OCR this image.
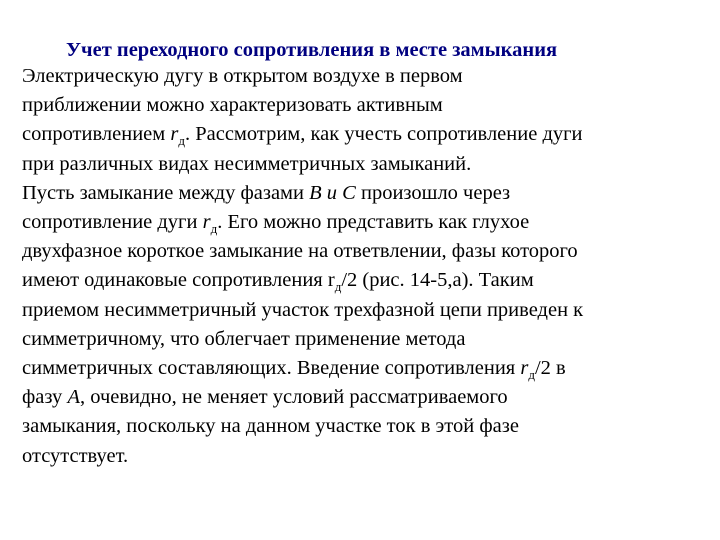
Учет переходного сопротивления в месте замыкания
Электрическую дугу в открытом воздухе в первом
приближении можно характеризовать активным
сопротивлением $r_д$. Рассмотрим, как учесть сопротивление дуги
при различных видах несимметричных замыканий.
Пусть замыкание между фазами В и С произошло через
сопротивление дуги $r_д$. Его можно представить как глухое
двухфазное короткое замыкание на ответвлении, фазы которого
имеют одинаковые сопротивления $r_д/2$ (рис. 14-5,а). Таким
приемом несимметричный участок трехфазной цепи приведен к
симметричному, что облегчает применение метода
симметричных составляющих. Введение сопротивления $r_д/2$ в
фазу А, очевидно, не меняет условий рассматриваемого
замыкания, поскольку на данном участке ток в этой фазе
отсутствует.
